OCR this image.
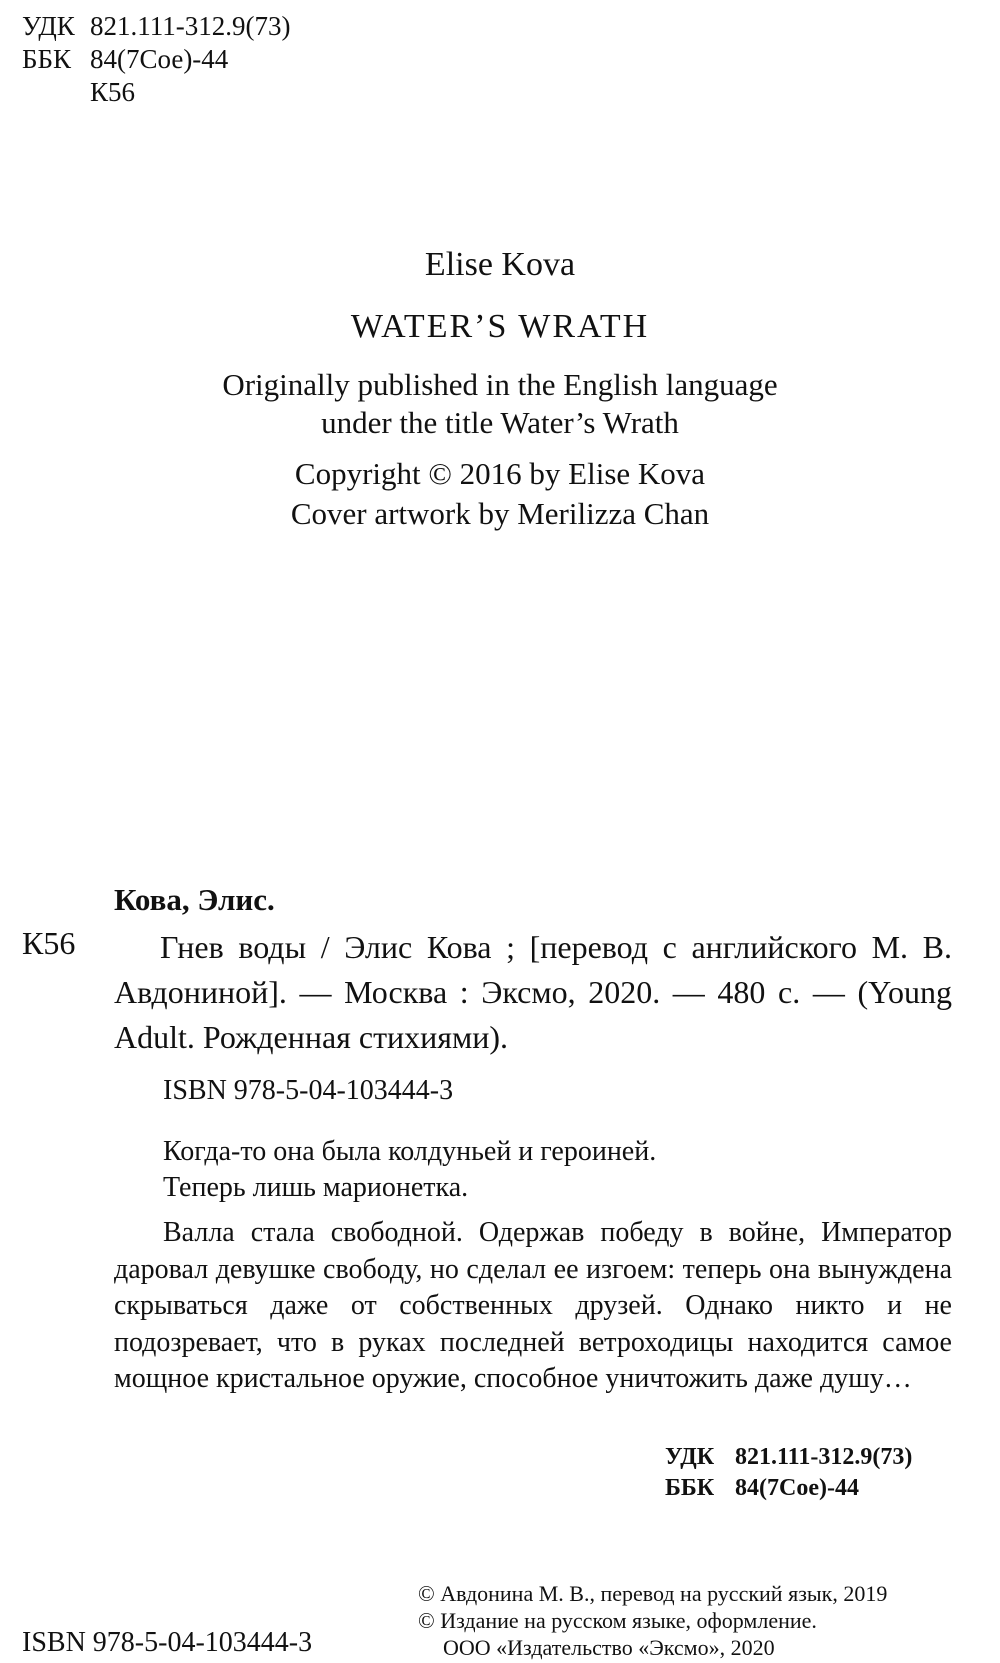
УДК 821.111-312.9(73)
ББК 84(7Сое)-44
К56
Elise Kova
WATER’S WRATH
Originally published in the English language
under the title Water’s Wrath
Copyright © 2016 by Elise Kova
Cover artwork by Merilizza Chan
Кова, Элис.
К56	Гнев воды / Элис Кова ; [перевод с английского М. В. Авдониной]. — Москва : Эксмо, 2020. — 480 с. — (Young Adult. Рожденная стихиями).
ISBN 978-5-04-103444-3
Когда-то она была колдуньей и героиней.
Теперь лишь марионетка.
Валла стала свободной. Одержав победу в войне, Император даровал девушке свободу, но сделал ее изгоем: теперь она вынуждена скрываться даже от собственных друзей. Однако никто и не подозревает, что в руках последней ветроходицы находится самое мощное кристальное оружие, способное уничтожить даже душу…
УДК 821.111-312.9(73)
ББК 84(7Сое)-44
© Авдонина М. В., перевод на русский язык, 2019
© Издание на русском языке, оформление.
ООО «Издательство «Эксмо», 2020
ISBN 978-5-04-103444-3
